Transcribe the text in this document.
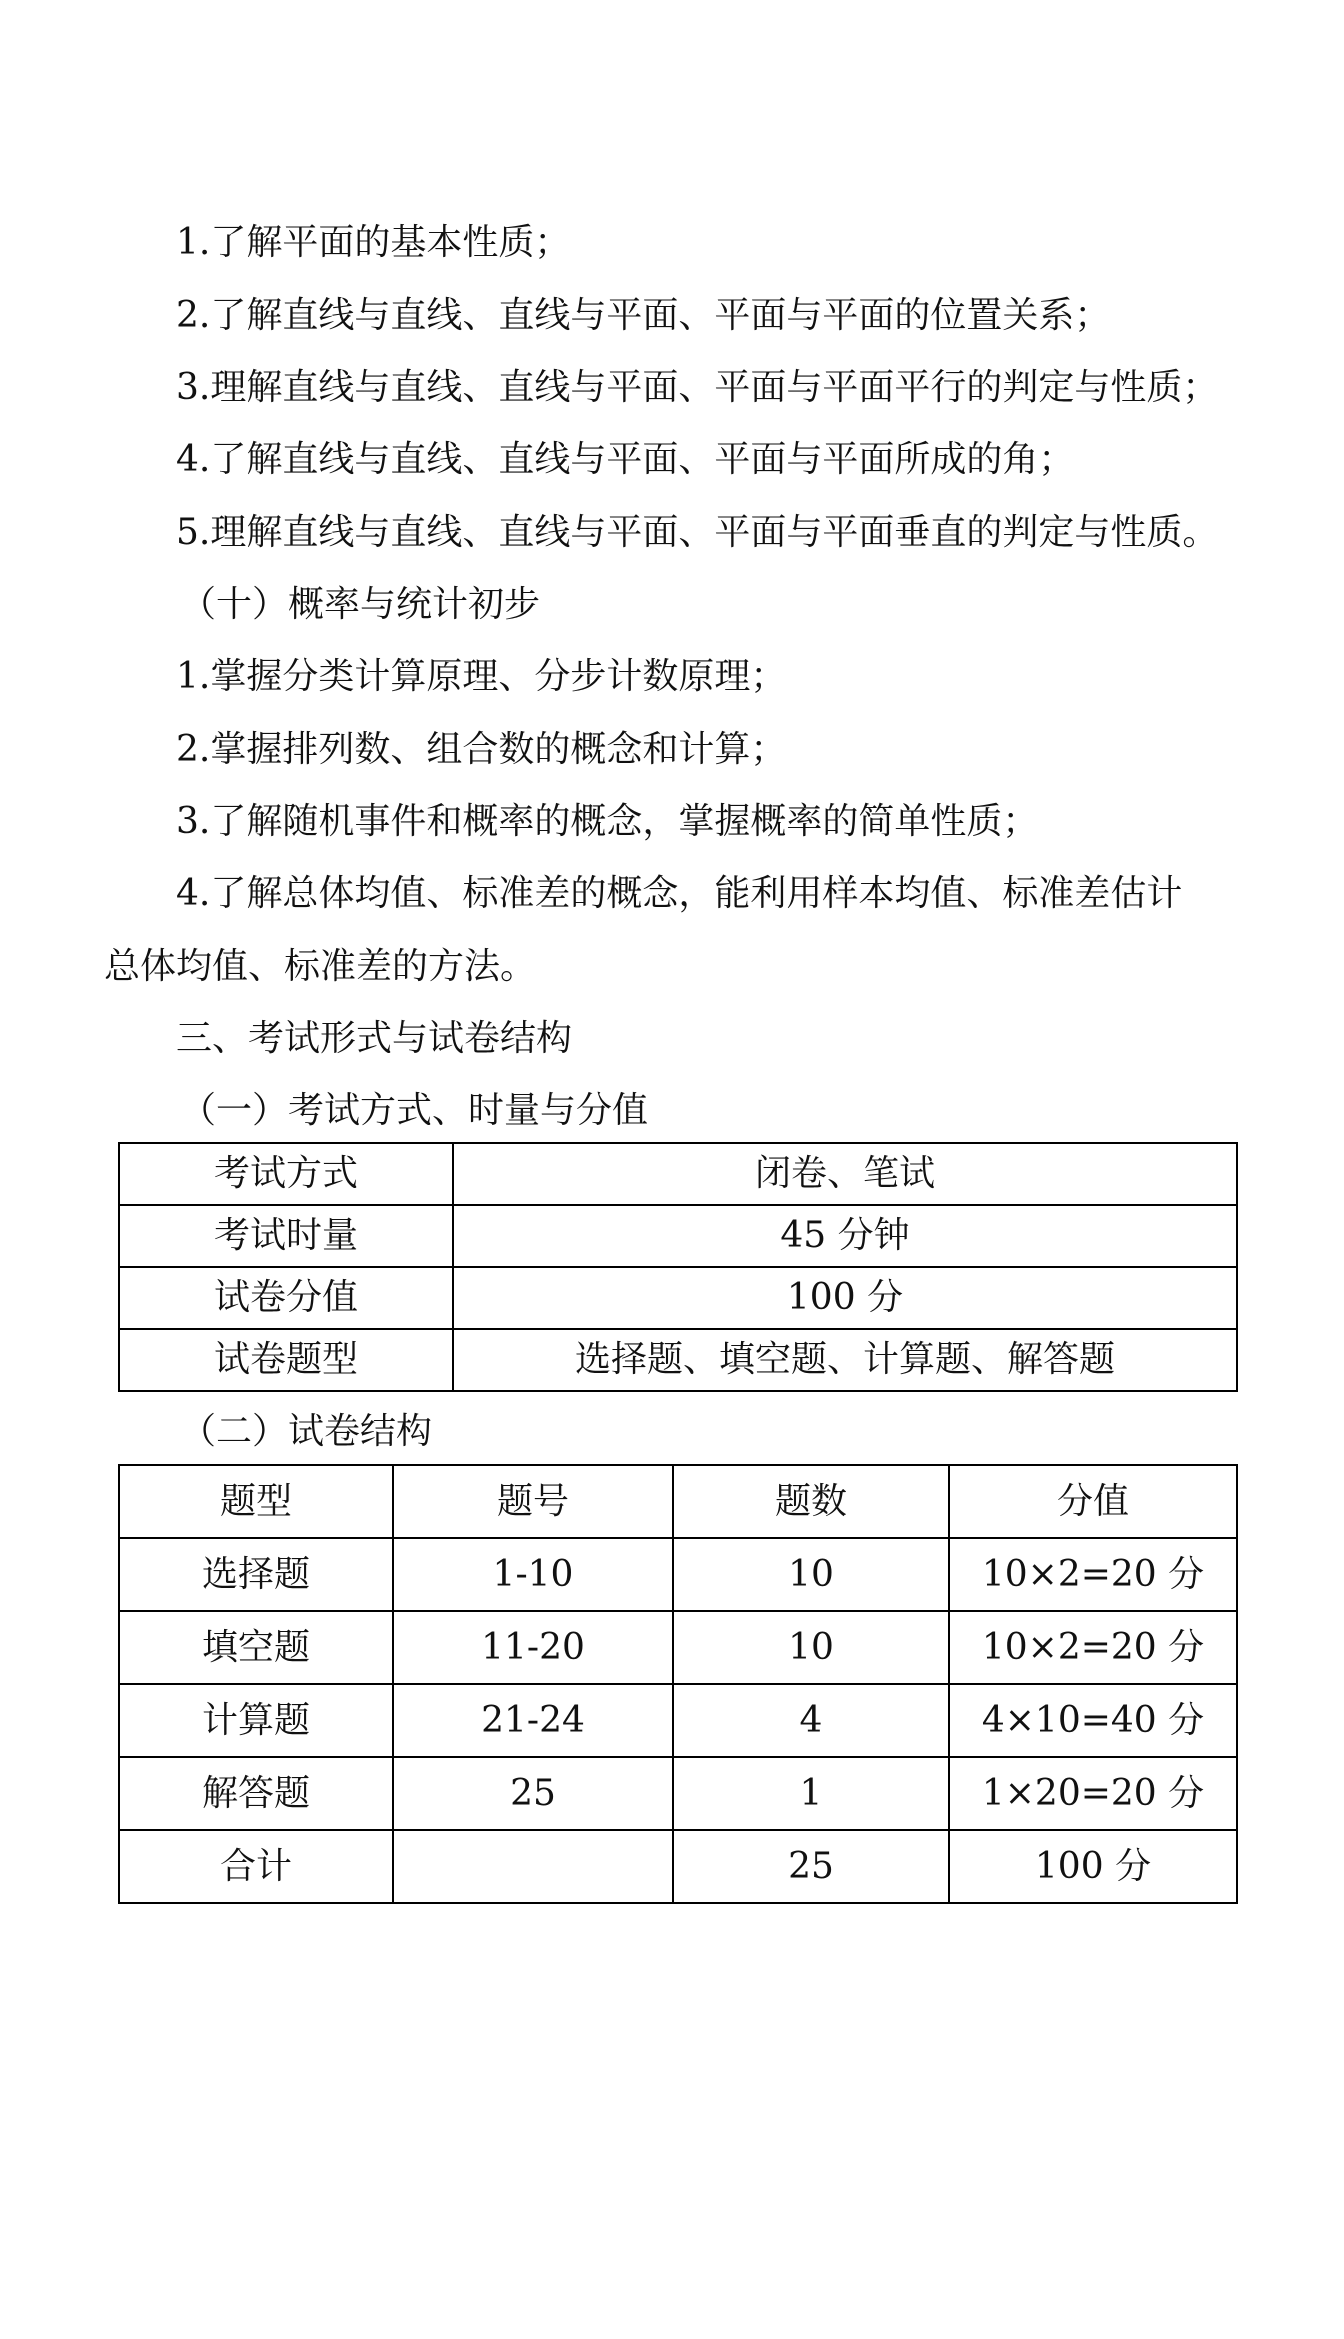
1.了解平面的基本性质；
2.了解直线与直线、直线与平面、平面与平面的位置关系；
3.理解直线与直线、直线与平面、平面与平面平行的判定与性质；
4.了解直线与直线、直线与平面、平面与平面所成的角；
5.理解直线与直线、直线与平面、平面与平面垂直的判定与性质。
（十）概率与统计初步
1.掌握分类计算原理、分步计数原理；
2.掌握排列数、组合数的概念和计算；
3.了解随机事件和概率的概念，掌握概率的简单性质；
4.了解总体均值、标准差的概念，能利用样本均值、标准差估计
总体均值、标准差的方法。
三、考试形式与试卷结构
（一）考试方式、时量与分值
考试方式	闭卷、笔试
考试时量	45 分钟
试卷分值	100 分
试卷题型	选择题、填空题、计算题、解答题
（二）试卷结构
题型	题号	题数	分值
选择题	1-10	10	10×2=20 分
填空题	11-20	10	10×2=20 分
计算题	21-24	4	4×10=40 分
解答题	25	1	1×20=20 分
合计		25	100 分
